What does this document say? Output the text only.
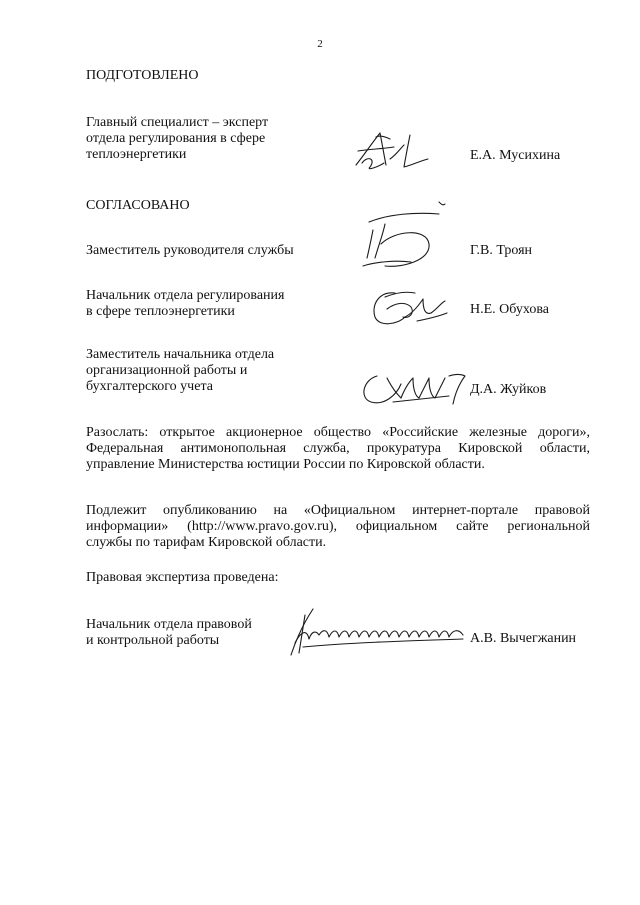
2
ПОДГОТОВЛЕНО
Главный специалист – эксперт
отдела регулирования в сфере
теплоэнергетики	Е.А. Мусихина
СОГЛАСОВАНО
Заместитель руководителя службы	Г.В. Троян
Начальник отдела регулирования
в сфере теплоэнергетики	Н.Е. Обухова
Заместитель начальника отдела
организационной работы и
бухгалтерского учета	Д.А. Жуйков
Разослать: открытое акционерное общество «Российские железные дороги»,
Федеральная антимонопольная служба, прокуратура Кировской области,
управление Министерства юстиции России по Кировской области.
Подлежит опубликованию на «Официальном интернет-портале правовой
информации» (http://www.pravo.gov.ru), официальном сайте региональной
службы по тарифам Кировской области.
Правовая экспертиза проведена:
Начальник отдела правовой
и контрольной работы	А.В. Вычегжанин
